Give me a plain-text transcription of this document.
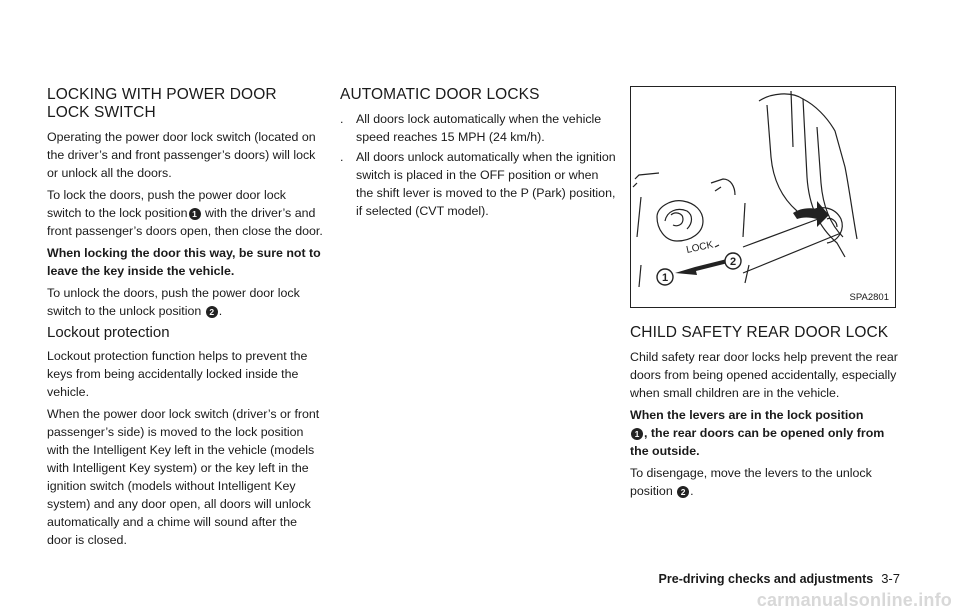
LOCKING WITH POWER DOOR LOCK SWITCH

Operating the power door lock switch (located on the driver’s and front passenger’s doors) will lock or unlock all the doors.

To lock the doors, push the power door lock switch to the lock position 1 with the driver’s and front passenger’s doors open, then close the door.

When locking the door this way, be sure not to leave the key inside the vehicle.

To unlock the doors, push the power door lock switch to the unlock position 2 .

Lockout protection

Lockout protection function helps to prevent the keys from being accidentally locked inside the vehicle.

When the power door lock switch (driver’s or front passenger’s side) is moved to the lock position with the Intelligent Key left in the vehicle (models with Intelligent Key system) or the key left in the ignition switch (models without Intelligent Key system) and any door open, all doors will unlock automatically and a chime will sound after the door is closed.

AUTOMATIC DOOR LOCKS
. All doors lock automatically when the vehicle speed reaches 15 MPH (24 km/h).
. All doors unlock automatically when the ignition switch is placed in the OFF position or when the shift lever is moved to the P (Park) position, if selected (CVT model).
1
2
LOCK
SPA2801
CHILD SAFETY REAR DOOR LOCK

Child safety rear door locks help prevent the rear doors from being opened accidentally, especially when small children are in the vehicle.

When the levers are in the lock position
1 , the rear doors can be opened only from the outside.

To disengage, move the levers to the unlock position 2 .

Pre-driving checks and adjustments 3-7
carmanualsonline.info
